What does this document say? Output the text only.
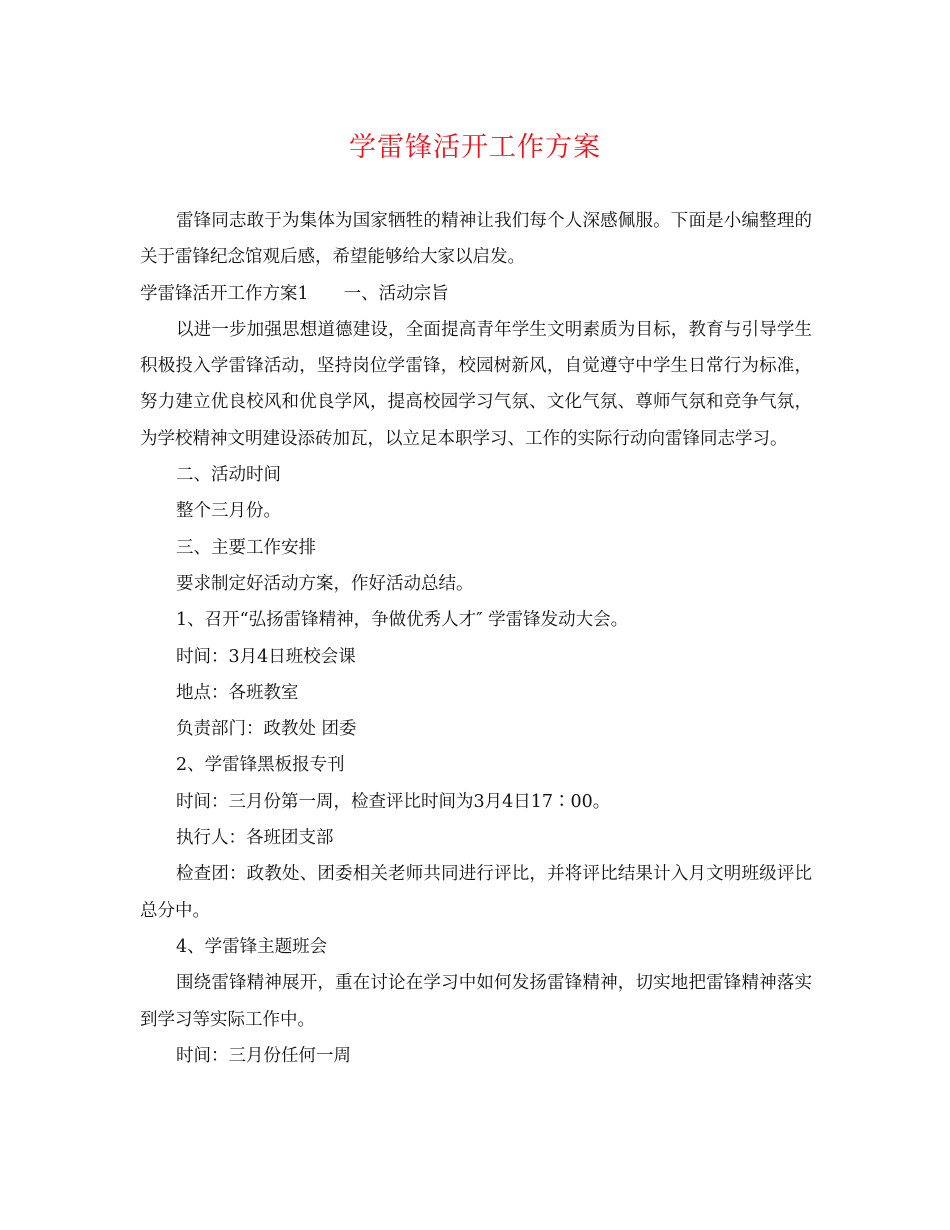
学雷锋活开工作方案

雷锋同志敢于为集体为国家牺牲的精神让我们每个人深感佩服。下面是小编整理的关于雷锋纪念馆观后感，希望能够给大家以启发。

学雷锋活开工作方案1　　一、活动宗旨

以进一步加强思想道德建设，全面提高青年学生文明素质为目标，教育与引导学生积极投入学雷锋活动，坚持岗位学雷锋，校园树新风，自觉遵守中学生日常行为标准，努力建立优良校风和优良学风，提高校园学习气氛、文化气氛、尊师气氛和竞争气氛，为学校精神文明建设添砖加瓦，以立足本职学习、工作的实际行动向雷锋同志学习。

二、活动时间

整个三月份。

三、主要工作安排

要求制定好活动方案，作好活动总结。

1、召开“弘扬雷锋精神，争做优秀人才″ 学雷锋发动大会。

时间：3月4日班校会课

地点：各班教室

负责部门：政教处 团委

2、学雷锋黑板报专刊

时间：三月份第一周，检查评比时间为3月4日17∶00。

执行人：各班团支部

检查团：政教处、团委相关老师共同进行评比，并将评比结果计入月文明班级评比总分中。

4、学雷锋主题班会

围绕雷锋精神展开，重在讨论在学习中如何发扬雷锋精神，切实地把雷锋精神落实到学习等实际工作中。

时间：三月份任何一周
